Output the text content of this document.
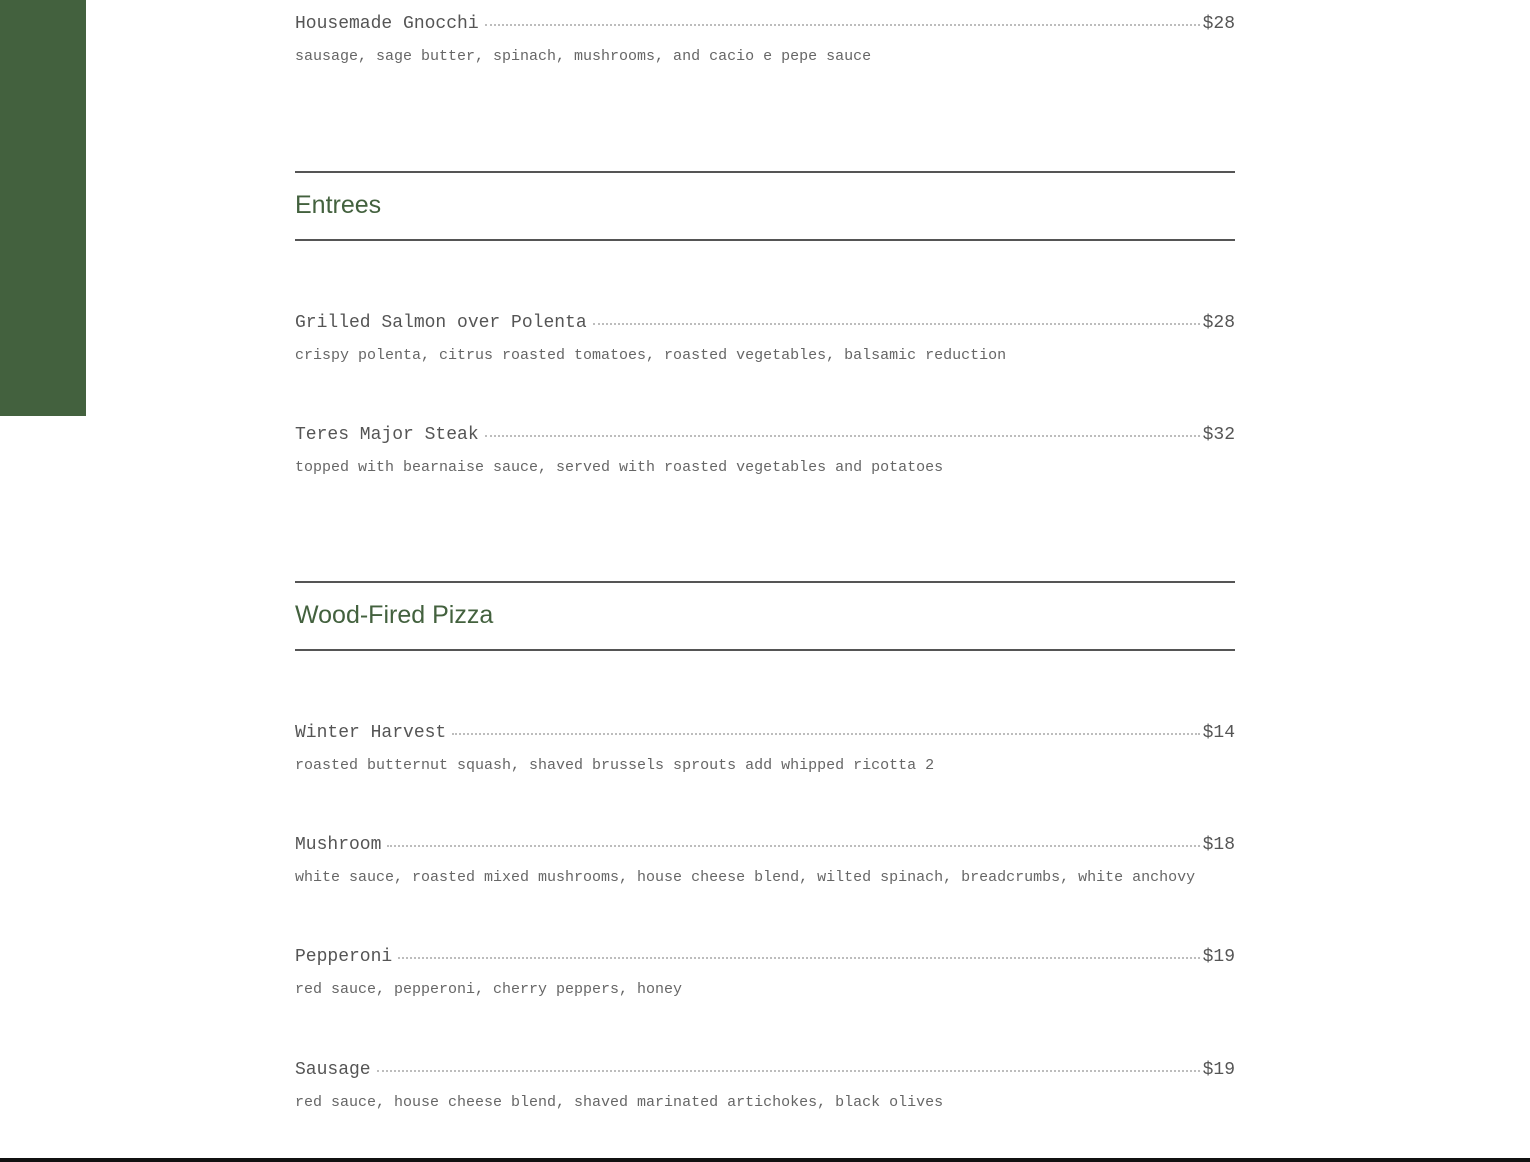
Housemade Gnocchi	$28
sausage, sage butter, spinach, mushrooms, and cacio e pepe sauce
Entrees
Grilled Salmon over Polenta	$28
crispy polenta, citrus roasted tomatoes, roasted vegetables, balsamic reduction
Teres Major Steak	$32
topped with bearnaise sauce, served with roasted vegetables and potatoes
Wood-Fired Pizza
Winter Harvest	$14
roasted butternut squash, shaved brussels sprouts add whipped ricotta 2
Mushroom	$18
white sauce, roasted mixed mushrooms, house cheese blend, wilted spinach, breadcrumbs, white anchovy
Pepperoni	$19
red sauce, pepperoni, cherry peppers, honey
Sausage	$19
red sauce, house cheese blend, shaved marinated artichokes, black olives
